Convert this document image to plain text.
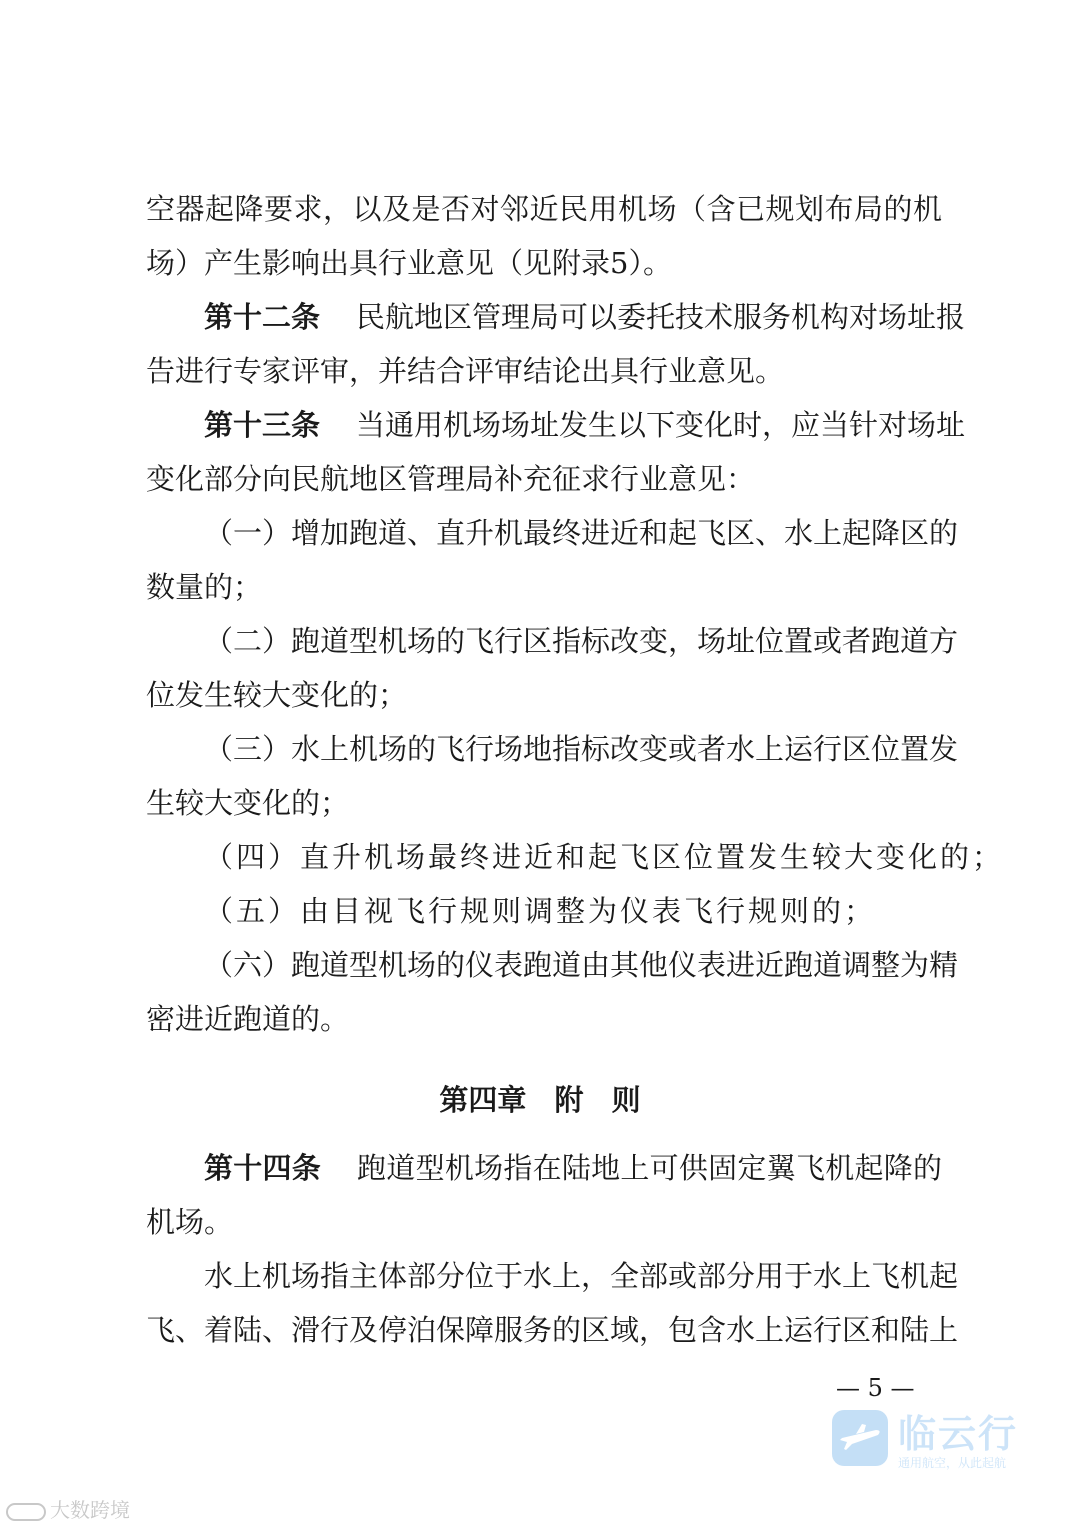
空器起降要求，以及是否对邻近民用机场（含已规划布局的机
场）产生影响出具行业意见（见附录5）。
第十二条 民航地区管理局可以委托技术服务机构对场址报
告进行专家评审，并结合评审结论出具行业意见。
第十三条 当通用机场场址发生以下变化时，应当针对场址
变化部分向民航地区管理局补充征求行业意见：
（一）增加跑道、直升机最终进近和起飞区、水上起降区的
数量的；
（二）跑道型机场的飞行区指标改变，场址位置或者跑道方
位发生较大变化的；
（三）水上机场的飞行场地指标改变或者水上运行区位置发
生较大变化的；
（四）直升机场最终进近和起飞区位置发生较大变化的；
（五）由目视飞行规则调整为仪表飞行规则的；
（六）跑道型机场的仪表跑道由其他仪表进近跑道调整为精
密进近跑道的。
第四章 附 则
第十四条 跑道型机场指在陆地上可供固定翼飞机起降的
机场。
水上机场指主体部分位于水上，全部或部分用于水上飞机起
飞、着陆、滑行及停泊保障服务的区域，包含水上运行区和陆上
— 5 —
临云行
通用航空，从此起航
大数跨境
